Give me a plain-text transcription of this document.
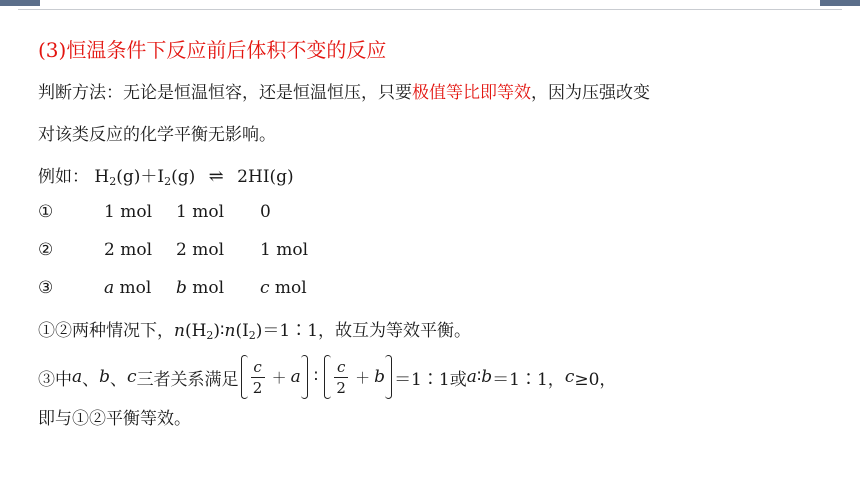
(3)恒温条件下反应前后体积不变的反应
判断方法：无论是恒温恒容，还是恒温恒压，只要极值等比即等效，因为压强改变
对该类反应的化学平衡无影响。
例如： $H_2(g)+I_2(g)$ ⇌ 2HI(g)
①	1 mol 1 mol 0
②	2 mol 2 mol 1 mol
③	a mol b mol c mol
①②两种情况下，$n(H_2)∶n(I_2)=1∶1$，故互为等效平衡。
③中 a 、 b 、 c 三者关系满足 $\frac{c}{2} + a$ ∶ $\frac{c}{2} + b$ ＝1∶1或 a ∶ b ＝1∶1， c ≥0，
即与①②平衡等效。
